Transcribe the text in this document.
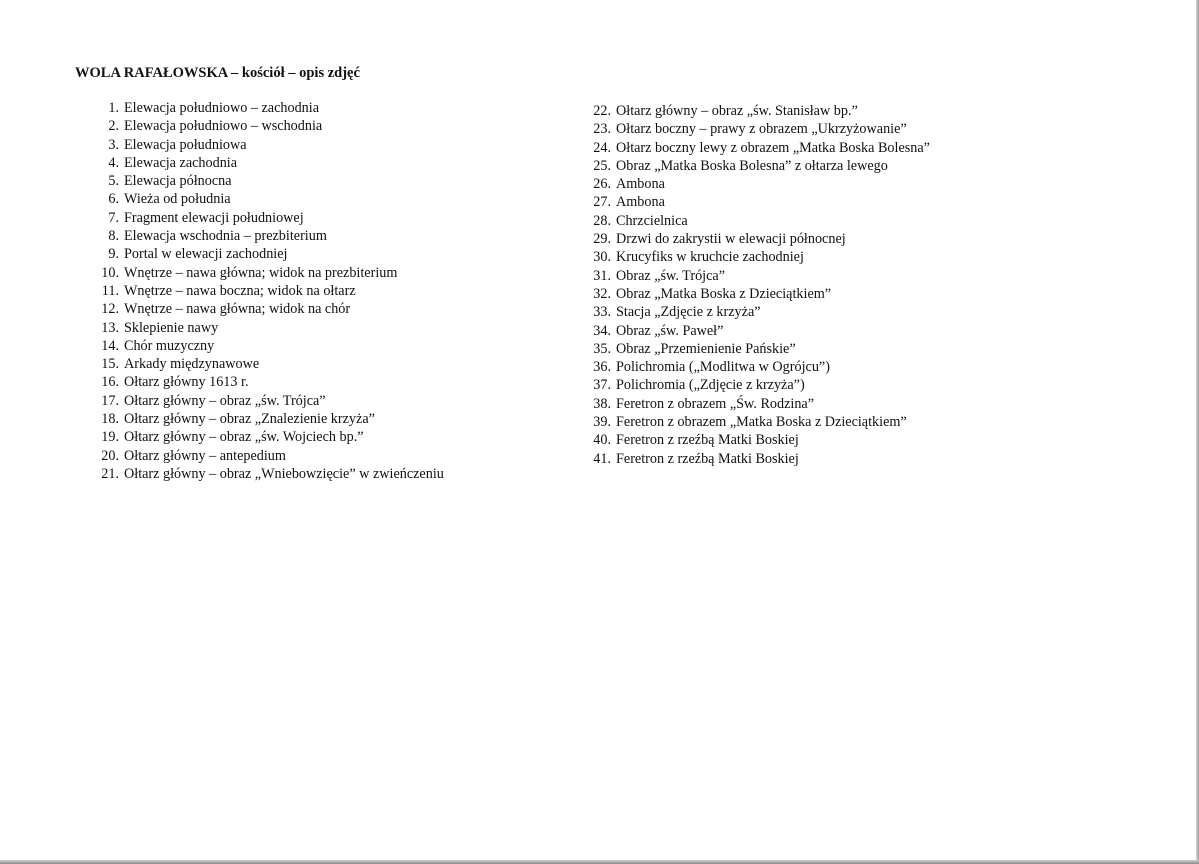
WOLA RAFAŁOWSKA – kościół – opis zdjęć
1. Elewacja południowo – zachodnia
2. Elewacja południowo – wschodnia
3. Elewacja południowa
4. Elewacja zachodnia
5. Elewacja północna
6. Wieża od południa
7. Fragment elewacji południowej
8. Elewacja wschodnia – prezbiterium
9. Portal w elewacji zachodniej
10. Wnętrze – nawa główna; widok na prezbiterium
11. Wnętrze – nawa boczna; widok na ołtarz
12. Wnętrze – nawa główna; widok na chór
13. Sklepienie nawy
14. Chór muzyczny
15. Arkady międzynawowe
16. Ołtarz główny 1613 r.
17. Ołtarz główny – obraz „św. Trójca”
18. Ołtarz główny – obraz „Znalezienie krzyża”
19. Ołtarz główny – obraz „św. Wojciech bp.”
20. Ołtarz główny – antepedium
21. Ołtarz główny – obraz „Wniebowzięcie” w zwieńczeniu
22. Ołtarz główny – obraz „św. Stanisław bp.”
23. Ołtarz boczny – prawy z obrazem „Ukrzyżowanie”
24. Ołtarz boczny lewy z obrazem „Matka Boska Bolesna”
25. Obraz „Matka Boska Bolesna” z ołtarza lewego
26. Ambona
27. Ambona
28. Chrzcielnica
29. Drzwi do zakrystii w elewacji północnej
30. Krucyfiks w kruchcie zachodniej
31. Obraz „św. Trójca”
32. Obraz „Matka Boska z Dzieciątkiem”
33. Stacja „Zdjęcie z krzyża”
34. Obraz „św. Paweł”
35. Obraz „Przemienienie Pańskie”
36. Polichromia („Modlitwa w Ogrójcu”)
37. Polichromia („Zdjęcie z krzyża”)
38. Feretron z obrazem „Św. Rodzina”
39. Feretron z obrazem „Matka Boska z Dzieciątkiem”
40. Feretron z rzeźbą Matki Boskiej
41. Feretron z rzeźbą Matki Boskiej
